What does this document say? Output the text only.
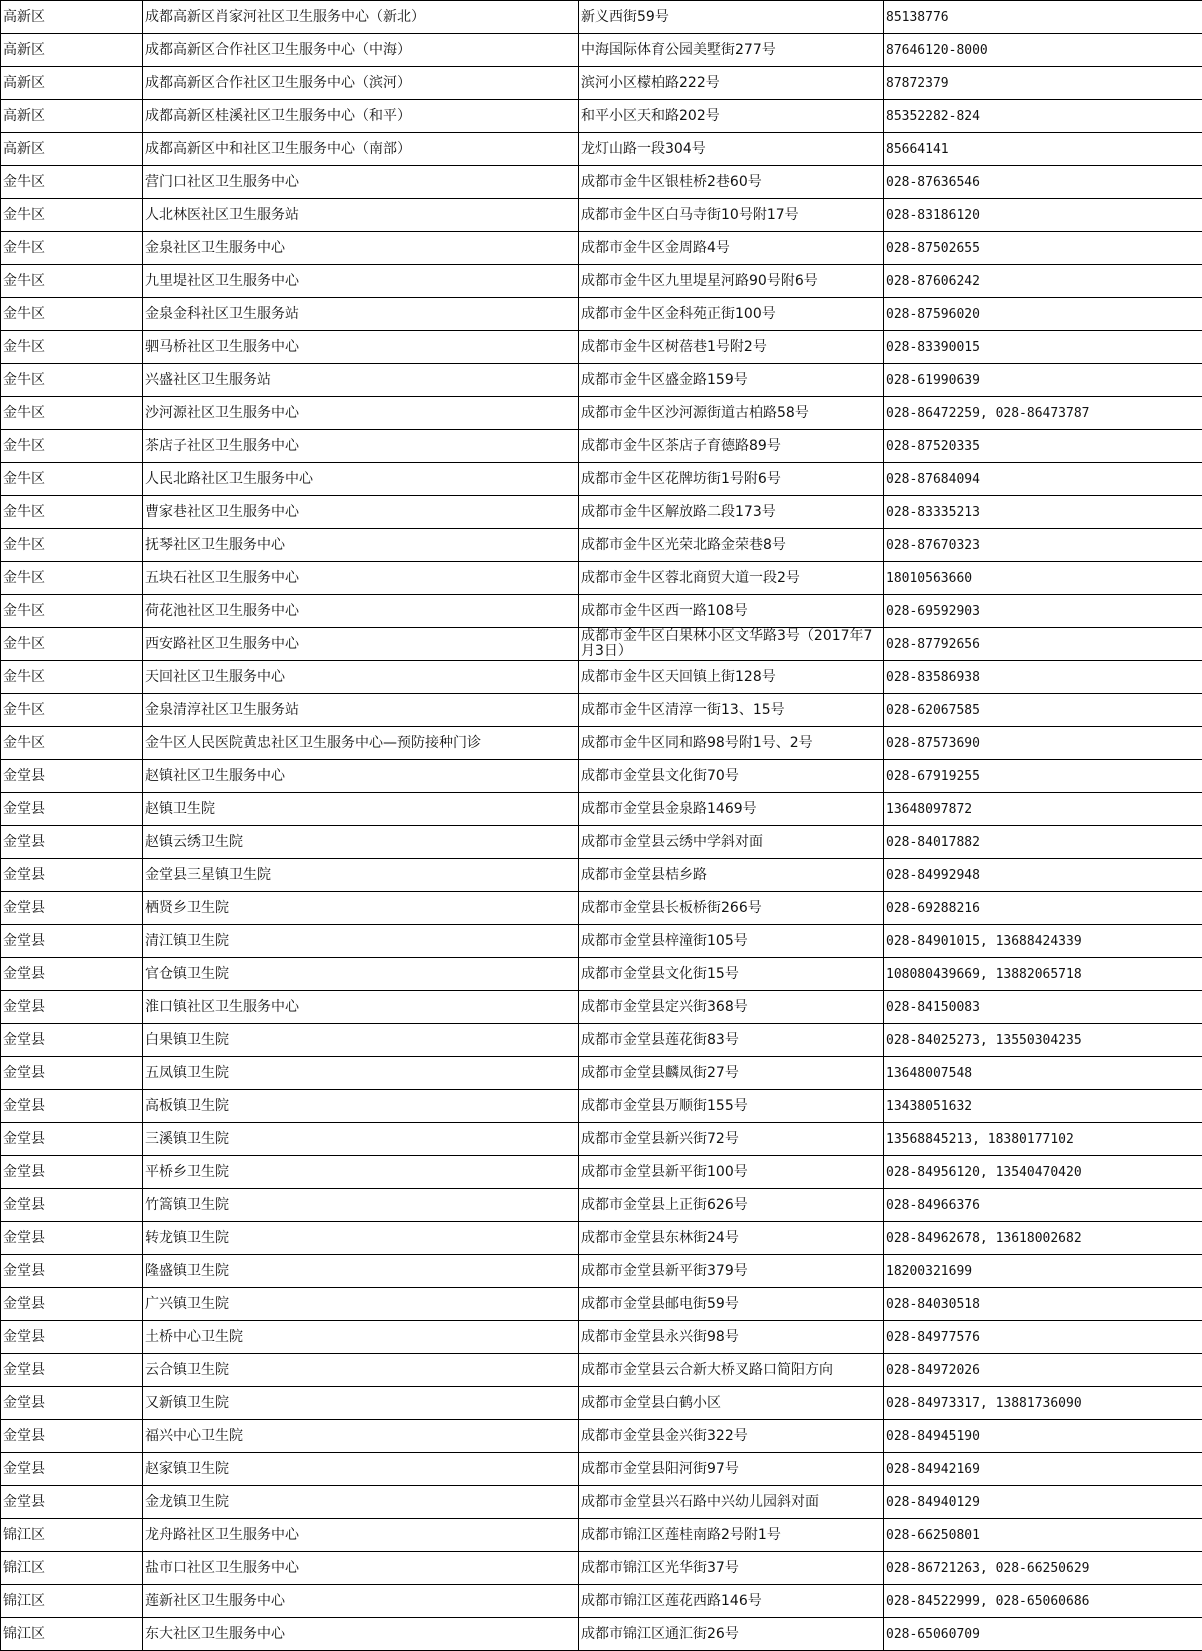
高新区	成都高新区肖家河社区卫生服务中心（新北）	新义西街59号	85138776
高新区	成都高新区合作社区卫生服务中心（中海）	中海国际体育公园美墅街277号	87646120-8000
高新区	成都高新区合作社区卫生服务中心（滨河）	滨河小区檬柏路222号	87872379
高新区	成都高新区桂溪社区卫生服务中心（和平）	和平小区天和路202号	85352282-824
高新区	成都高新区中和社区卫生服务中心（南部）	龙灯山路一段304号	85664141
金牛区	营门口社区卫生服务中心	成都市金牛区银桂桥2巷60号	028-87636546
金牛区	人北林医社区卫生服务站	成都市金牛区白马寺街10号附17号	028-83186120
金牛区	金泉社区卫生服务中心	成都市金牛区金周路4号	028-87502655
金牛区	九里堤社区卫生服务中心	成都市金牛区九里堤星河路90号附6号	028-87606242
金牛区	金泉金科社区卫生服务站	成都市金牛区金科苑正街100号	028-87596020
金牛区	驷马桥社区卫生服务中心	成都市金牛区树蓓巷1号附2号	028-83390015
金牛区	兴盛社区卫生服务站	成都市金牛区盛金路159号	028-61990639
金牛区	沙河源社区卫生服务中心	成都市金牛区沙河源街道古柏路58号	028-86472259, 028-86473787
金牛区	茶店子社区卫生服务中心	成都市金牛区茶店子育德路89号	028-87520335
金牛区	人民北路社区卫生服务中心	成都市金牛区花牌坊街1号附6号	028-87684094
金牛区	曹家巷社区卫生服务中心	成都市金牛区解放路二段173号	028-83335213
金牛区	抚琴社区卫生服务中心	成都市金牛区光荣北路金荣巷8号	028-87670323
金牛区	五块石社区卫生服务中心	成都市金牛区蓉北商贸大道一段2号	18010563660
金牛区	荷花池社区卫生服务中心	成都市金牛区西一路108号	028-69592903
金牛区	西安路社区卫生服务中心	成都市金牛区白果林小区文华路3号（2017年7月3日）	028-87792656
金牛区	天回社区卫生服务中心	成都市金牛区天回镇上街128号	028-83586938
金牛区	金泉清淳社区卫生服务站	成都市金牛区清淳一街13、15号	028-62067585
金牛区	金牛区人民医院黄忠社区卫生服务中心—预防接种门诊	成都市金牛区同和路98号附1号、2号	028-87573690
金堂县	赵镇社区卫生服务中心	成都市金堂县文化街70号	028-67919255
金堂县	赵镇卫生院	成都市金堂县金泉路1469号	13648097872
金堂县	赵镇云绣卫生院	成都市金堂县云绣中学斜对面	028-84017882
金堂县	金堂县三星镇卫生院	成都市金堂县桔乡路	028-84992948
金堂县	栖贤乡卫生院	成都市金堂县长板桥街266号	028-69288216
金堂县	清江镇卫生院	成都市金堂县梓潼街105号	028-84901015, 13688424339
金堂县	官仓镇卫生院	成都市金堂县文化街15号	108080439669, 13882065718
金堂县	淮口镇社区卫生服务中心	成都市金堂县定兴街368号	028-84150083
金堂县	白果镇卫生院	成都市金堂县莲花街83号	028-84025273, 13550304235
金堂县	五凤镇卫生院	成都市金堂县麟凤街27号	13648007548
金堂县	高板镇卫生院	成都市金堂县万顺街155号	13438051632
金堂县	三溪镇卫生院	成都市金堂县新兴街72号	13568845213, 18380177102
金堂县	平桥乡卫生院	成都市金堂县新平街100号	028-84956120, 13540470420
金堂县	竹篙镇卫生院	成都市金堂县上正街626号	028-84966376
金堂县	转龙镇卫生院	成都市金堂县东林街24号	028-84962678, 13618002682
金堂县	隆盛镇卫生院	成都市金堂县新平街379号	18200321699
金堂县	广兴镇卫生院	成都市金堂县邮电街59号	028-84030518
金堂县	土桥中心卫生院	成都市金堂县永兴街98号	028-84977576
金堂县	云合镇卫生院	成都市金堂县云合新大桥叉路口简阳方向	028-84972026
金堂县	又新镇卫生院	成都市金堂县白鹤小区	028-84973317, 13881736090
金堂县	福兴中心卫生院	成都市金堂县金兴街322号	028-84945190
金堂县	赵家镇卫生院	成都市金堂县阳河街97号	028-84942169
金堂县	金龙镇卫生院	成都市金堂县兴石路中兴幼儿园斜对面	028-84940129
锦江区	龙舟路社区卫生服务中心	成都市锦江区莲桂南路2号附1号	028-66250801
锦江区	盐市口社区卫生服务中心	成都市锦江区光华街37号	028-86721263, 028-66250629
锦江区	莲新社区卫生服务中心	成都市锦江区莲花西路146号	028-84522999, 028-65060686
锦江区	东大社区卫生服务中心	成都市锦江区通汇街26号	028-65060709
